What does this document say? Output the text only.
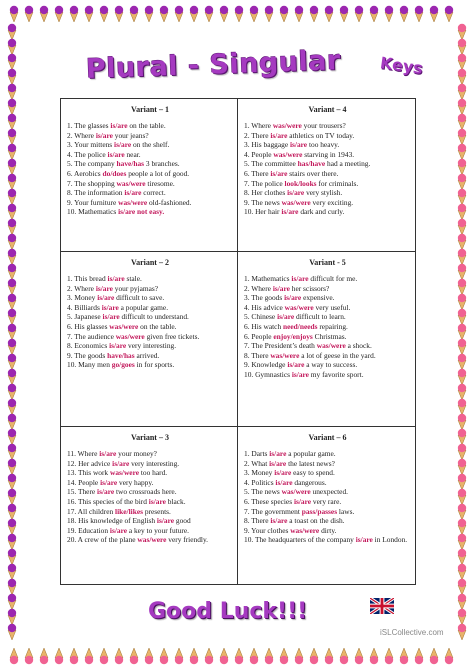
Plural - Singular Keys
Variant – 1
1. The glasses is/are on the table.
2. Where is/are your jeans?
3. Your mittens is/are on the shelf.
4. The police is/are near.
5. The company have/has 3 branches.
6. Aerobics do/does people a lot of good.
7. The shopping was/were tiresome.
8. The information is/are correct.
9. Your furniture was/were old-fashioned.
10. Mathematics is/are not easy.
Variant – 4
1. Where was/were your trousers?
2. There is/are athletics on TV today.
3. His baggage is/are too heavy.
4. People was/were starving in 1943.
5. The committee has/have had a meeting.
6. There is/are stairs over there.
7. The police look/looks for criminals.
8. Her clothes is/are very stylish.
9. The news was/were very exciting.
10. Her hair is/are dark and curly.
Variant – 2
1. This bread is/are stale.
2. Where is/are your pyjamas?
3. Money is/are difficult to save.
4. Billiards is/are a popular game.
5. Japanese is/are difficult to understand.
6. His glasses was/were on the table.
7. The audience was/were given free tickets.
8. Economics is/are very interesting.
9. The goods have/has arrived.
10. Many men go/goes in for sports.
Variant - 5
1. Mathematics is/are difficult for me.
2. Where is/are her scissors?
3. The goods is/are expensive.
4. His advice was/were very useful.
5. Chinese is/are difficult to learn.
6. His watch need/needs repairing.
6. People enjoy/enjoys Christmas.
7. The President’s death was/were a shock.
8. There was/were a lot of geese in the yard.
9. Knowledge is/are a way to success.
10. Gymnastics is/are my favorite sport.
Variant – 3
11. Where is/are your money?
12. Her advice is/are very interesting.
13. This work was/were too hard.
14. People is/are very happy.
15. There is/are two crossroads here.
16. This species of the bird is/are black.
17. All children like/likes presents.
18. His knowledge of English is/are good
19. Education is/are a key to your future.
20. A crew of the plane was/were very friendly.
Variant – 6
1. Darts is/are a popular game.
2. What is/are the latest news?
3. Money is/are easy to spend.
4. Politics is/are dangerous.
5. The news was/were unexpected.
6. These species is/are very rare.
7. The government pass/passes laws.
8. There is/are a toast on the dish.
9. Your clothes was/were dirty.
10. The headquarters of the company is/are in London.
Good Luck!!!
iSLCollective.com
